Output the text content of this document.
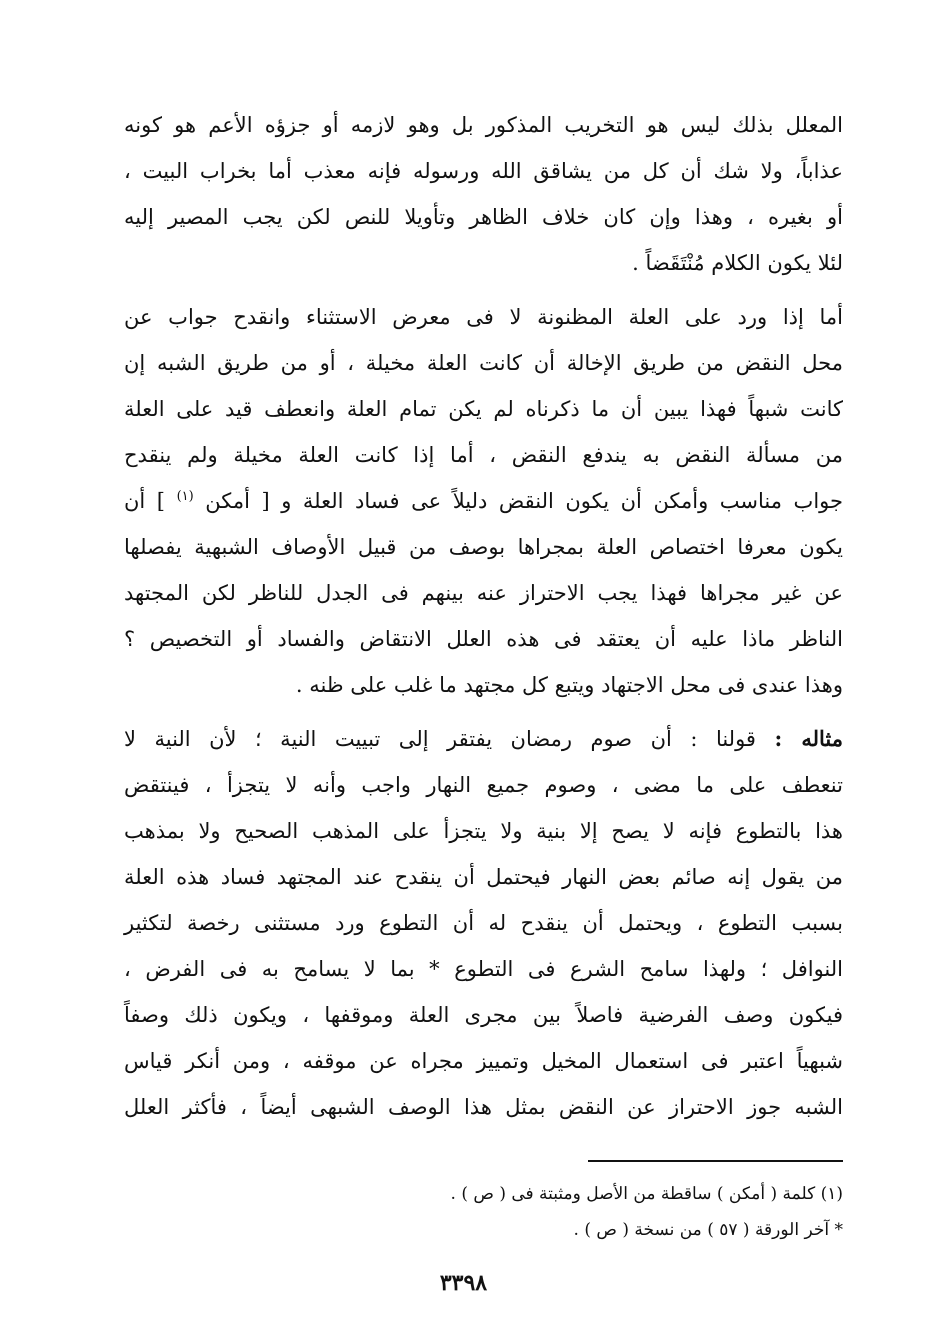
المعلل بذلك ليس هو التخريب المذكور بل وهو لازمه أو جزؤه الأعم هو كونه
عذاباً، ولا شك أن كل من يشاقق الله ورسوله فإنه معذب أما بخراب البيت ،
أو بغيره ، وهذا وإن كان خلاف الظاهر وتأويلا للنص لكن يجب المصير إليه
لئلا يكون الكلام مُنْتَقَضاً .

أما إذا ورد على العلة المظنونة لا فى معرض الاستثناء وانقدح جواب عن
محل النقض من طريق الإخالة أن كانت العلة مخيلة ، أو من طريق الشبه إن
كانت شبهاً فهذا يبين أن ما ذكرناه لم يكن تمام العلة وانعطف قيد على العلة
من مسألة النقض به يندفع النقض ، أما إذا كانت العلة مخيلة ولم ينقدح
جواب مناسب وأمكن أن يكون النقض دليلاً عى فساد العلة و [ أمكن $^{(١)}$ ] أن
يكون معرفا اختصاص العلة بمجراها بوصف من قبيل الأوصاف الشبهية يفصلها
عن غير مجراها فهذا يجب الاحتراز عنه بينهم فى الجدل للناظر لكن المجتهد
الناظر ماذا عليه أن يعتقد فى هذه العلل الانتقاض والفساد أو التخصيص ؟
وهذا عندى فى محل الاجتهاد ويتبع كل مجتهد ما غلب على ظنه .

مثاله : قولنا : أن صوم رمضان يفتقر إلى تبييت النية ؛ لأن النية لا
تنعطف على ما مضى ، وصوم جميع النهار واجب وأنه لا يتجزأ ، فينتقض
هذا بالتطوع فإنه لا يصح إلا بنية ولا يتجزأ على المذهب الصحيح ولا بمذهب
من يقول إنه صائم بعض النهار فيحتمل أن ينقدح عند المجتهد فساد هذه العلة
بسبب التطوع ، ويحتمل أن ينقدح له أن التطوع ورد مستثنى رخصة لتكثير
النوافل ؛ ولهذا سامح الشرع فى التطوع * بما لا يسامح به فى الفرض ،
فيكون وصف الفرضية فاصلاً بين مجرى العلة وموقفها ، ويكون ذلك وصفاً
شبهياً اعتبر فى استعمال المخيل وتمييز مجراه عن موقفه ، ومن أنكر قياس
الشبه جوز الاحتراز عن النقض بمثل هذا الوصف الشبهى أيضاً ، فأكثر العلل

(١) كلمة ( أمكن ) ساقطة من الأصل ومثبتة فى ( ص ) .
* آخر الورقة ( ٥٧ ) من نسخة ( ص ) .
٣٣٩٨
